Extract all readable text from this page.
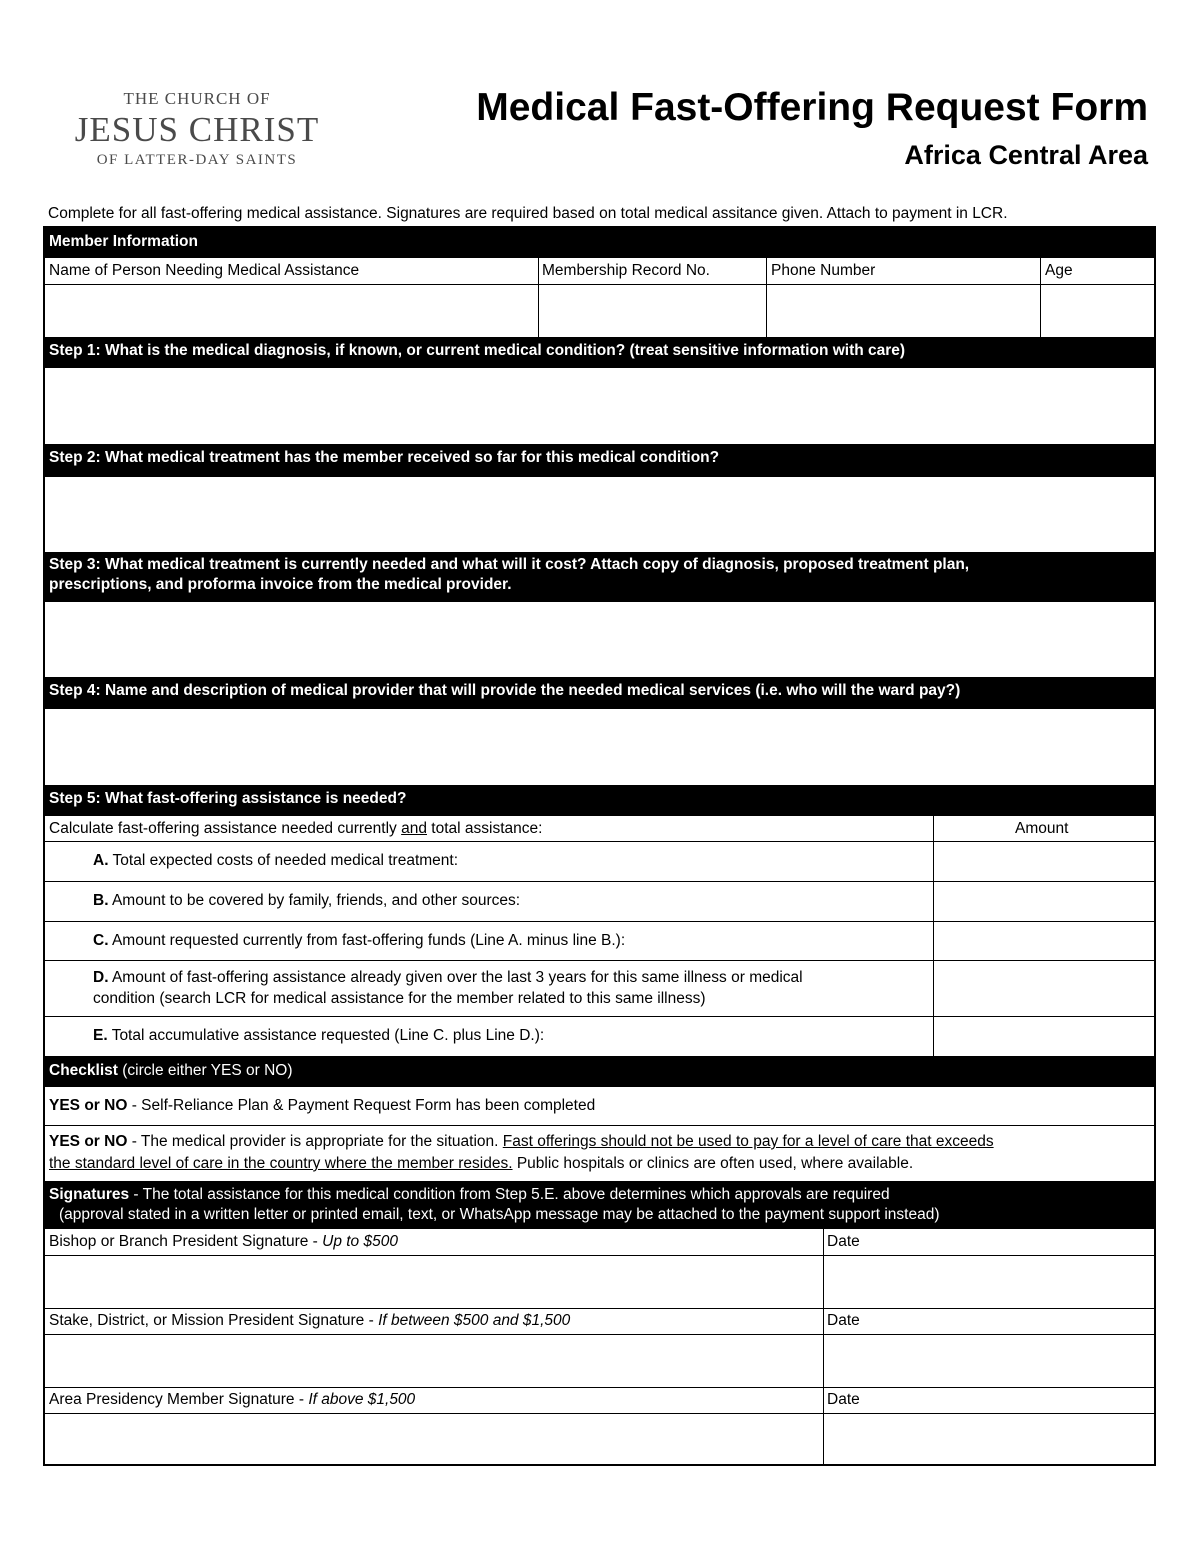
THE CHURCH OF
JESUS CHRIST
OF LATTER-DAY SAINTS
Medical Fast-Offering Request Form
Africa Central Area
Complete for all fast-offering medical assistance. Signatures are required based on total medical assitance given. Attach to payment in LCR.
Member Information
Name of Person Needing Medical Assistance	Membership Record No.	Phone Number	Age
Step 1: What is the medical diagnosis, if known, or current medical condition? (treat sensitive information with care)
Step 2: What medical treatment has the member received so far for this medical condition?
Step 3: What medical treatment is currently needed and what will it cost? Attach copy of diagnosis, proposed treatment plan,
prescriptions, and proforma invoice from the medical provider.
Step 4: Name and description of medical provider that will provide the needed medical services (i.e. who will the ward pay?)
Step 5: What fast-offering assistance is needed?
Calculate fast-offering assistance needed currently and total assistance:	Amount
A. Total expected costs of needed medical treatment:
B. Amount to be covered by family, friends, and other sources:
C. Amount requested currently from fast-offering funds (Line A. minus line B.):
D. Amount of fast-offering assistance already given over the last 3 years for this same illness or medical
condition (search LCR for medical assistance for the member related to this same illness)
E. Total accumulative assistance requested (Line C. plus Line D.):
Checklist (circle either YES or NO)
YES or NO - Self-Reliance Plan & Payment Request Form has been completed
YES or NO - The medical provider is appropriate for the situation. Fast offerings should not be used to pay for a level of care that exceeds
the standard level of care in the country where the member resides. Public hospitals or clinics are often used, where available.
Signatures - The total assistance for this medical condition from Step 5.E. above determines which approvals are required
(approval stated in a written letter or printed email, text, or WhatsApp message may be attached to the payment support instead)
Bishop or Branch President Signature - Up to $500	Date
Stake, District, or Mission President Signature - If between $500 and $1,500	Date
Area Presidency Member Signature - If above $1,500	Date
